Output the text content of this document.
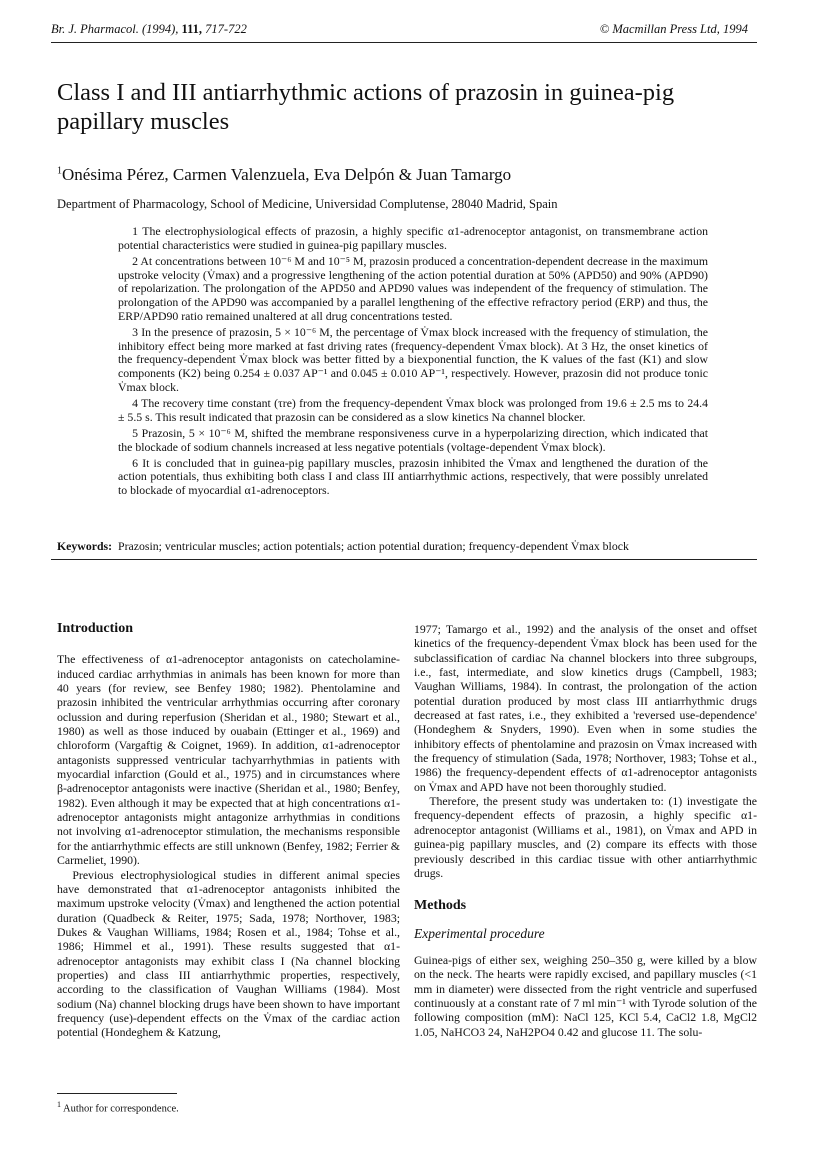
Br. J. Pharmacol. (1994), 111, 717-722	© Macmillan Press Ltd, 1994
Class I and III antiarrhythmic actions of prazosin in guinea-pig papillary muscles
$^1$Onésima Pérez, Carmen Valenzuela, Eva Delpón & Juan Tamargo
Department of Pharmacology, School of Medicine, Universidad Complutense, 28040 Madrid, Spain

1 The electrophysiological effects of prazosin, a highly specific α1-adrenoceptor antagonist, on transmembrane action potential characteristics were studied in guinea-pig papillary muscles.

2 At concentrations between 10⁻⁶ M and 10⁻⁵ M, prazosin produced a concentration-dependent decrease in the maximum upstroke velocity (V̇max) and a progressive lengthening of the action potential duration at 50% (APD50) and 90% (APD90) of repolarization. The prolongation of the APD50 and APD90 values was independent of the frequency of stimulation. The prolongation of the APD90 was accompanied by a parallel lengthening of the effective refractory period (ERP) and thus, the ERP/APD90 ratio remained unaltered at all drug concentrations tested.

3 In the presence of prazosin, 5 × 10⁻⁶ M, the percentage of V̇max block increased with the frequency of stimulation, the inhibitory effect being more marked at fast driving rates (frequency-dependent V̇max block). At 3 Hz, the onset kinetics of the frequency-dependent V̇max block was better fitted by a biexponential function, the K values of the fast (K1) and slow components (K2) being 0.254 ± 0.037 AP⁻¹ and 0.045 ± 0.010 AP⁻¹, respectively. However, prazosin did not produce tonic V̇max block.

4 The recovery time constant (τre) from the frequency-dependent V̇max block was prolonged from 19.6 ± 2.5 ms to 24.4 ± 5.5 s. This result indicated that prazosin can be considered as a slow kinetics Na channel blocker.

5 Prazosin, 5 × 10⁻⁶ M, shifted the membrane responsiveness curve in a hyperpolarizing direction, which indicated that the blockade of sodium channels increased at less negative potentials (voltage-dependent V̇max block).

6 It is concluded that in guinea-pig papillary muscles, prazosin inhibited the V̇max and lengthened the duration of the action potentials, thus exhibiting both class I and class III antiarrhythmic actions, respectively, that were possibly unrelated to blockade of myocardial α1-adrenoceptors.

Keywords: Prazosin; ventricular muscles; action potentials; action potential duration; frequency-dependent V̇max block
Introduction

The effectiveness of α1-adrenoceptor antagonists on catecholamine-induced cardiac arrhythmias in animals has been known for more than 40 years (for review, see Benfey 1980; 1982). Phentolamine and prazosin inhibited the ventricular arrhythmias occurring after coronary oclussion and during reperfusion (Sheridan et al., 1980; Stewart et al., 1980) as well as those induced by ouabain (Ettinger et al., 1969) and chloroform (Vargaftig & Coignet, 1969). In addition, α1-adrenoceptor antagonists suppressed ventricular tachyarrhythmias in patients with myocardial infarction (Gould et al., 1975) and in circumstances where β-adrenoceptor antagonists were inactive (Sheridan et al., 1980; Benfey, 1982). Even although it may be expected that at high concentrations α1-adrenoceptor antagonists might antagonize arrhythmias in conditions not involving α1-adrenoceptor stimulation, the mechanisms responsible for the antiarrhythmic effects are still unknown (Benfey, 1982; Ferrier & Carmeliet, 1990).

Previous electrophysiological studies in different animal species have demonstrated that α1-adrenoceptor antagonists inhibited the maximum upstroke velocity (V̇max) and lengthened the action potential duration (Quadbeck & Reiter, 1975; Sada, 1978; Northover, 1983; Dukes & Vaughan Williams, 1984; Rosen et al., 1984; Tohse et al., 1986; Himmel et al., 1991). These results suggested that α1-adrenoceptor antagonists may exhibit class I (Na channel blocking properties) and class III antiarrhythmic properties, respectively, according to the classification of Vaughan Williams (1984). Most sodium (Na) channel blocking drugs have been shown to have important frequency (use)-dependent effects on the V̇max of the cardiac action potential (Hondeghem & Katzung,

1977; Tamargo et al., 1992) and the analysis of the onset and offset kinetics of the frequency-dependent V̇max block has been used for the subclassification of cardiac Na channel blockers into three subgroups, i.e., fast, intermediate, and slow kinetics drugs (Campbell, 1983; Vaughan Williams, 1984). In contrast, the prolongation of the action potential duration produced by most class III antiarrhythmic drugs decreased at fast rates, i.e., they exhibited a 'reversed use-dependence' (Hondeghem & Snyders, 1990). Even when in some studies the inhibitory effects of phentolamine and prazosin on V̇max increased with the frequency of stimulation (Sada, 1978; Northover, 1983; Tohse et al., 1986) the frequency-dependent effects of α1-adrenoceptor antagonists on V̇max and APD have not been thoroughly studied.

Therefore, the present study was undertaken to: (1) investigate the frequency-dependent effects of prazosin, a highly specific α1-adrenoceptor antagonist (Williams et al., 1981), on V̇max and APD in guinea-pig papillary muscles, and (2) compare its effects with those previously described in this cardiac tissue with other antiarrhythmic drugs.

Methods
Experimental procedure

Guinea-pigs of either sex, weighing 250–350 g, were killed by a blow on the neck. The hearts were rapidly excised, and papillary muscles (<1 mm in diameter) were dissected from the right ventricle and superfused continuously at a constant rate of 7 ml min⁻¹ with Tyrode solution of the following composition (mM): NaCl 125, KCl 5.4, CaCl2 1.8, MgCl2 1.05, NaHCO3 24, NaH2PO4 0.42 and glucose 11. The solu-

$^1$ Author for correspondence.
